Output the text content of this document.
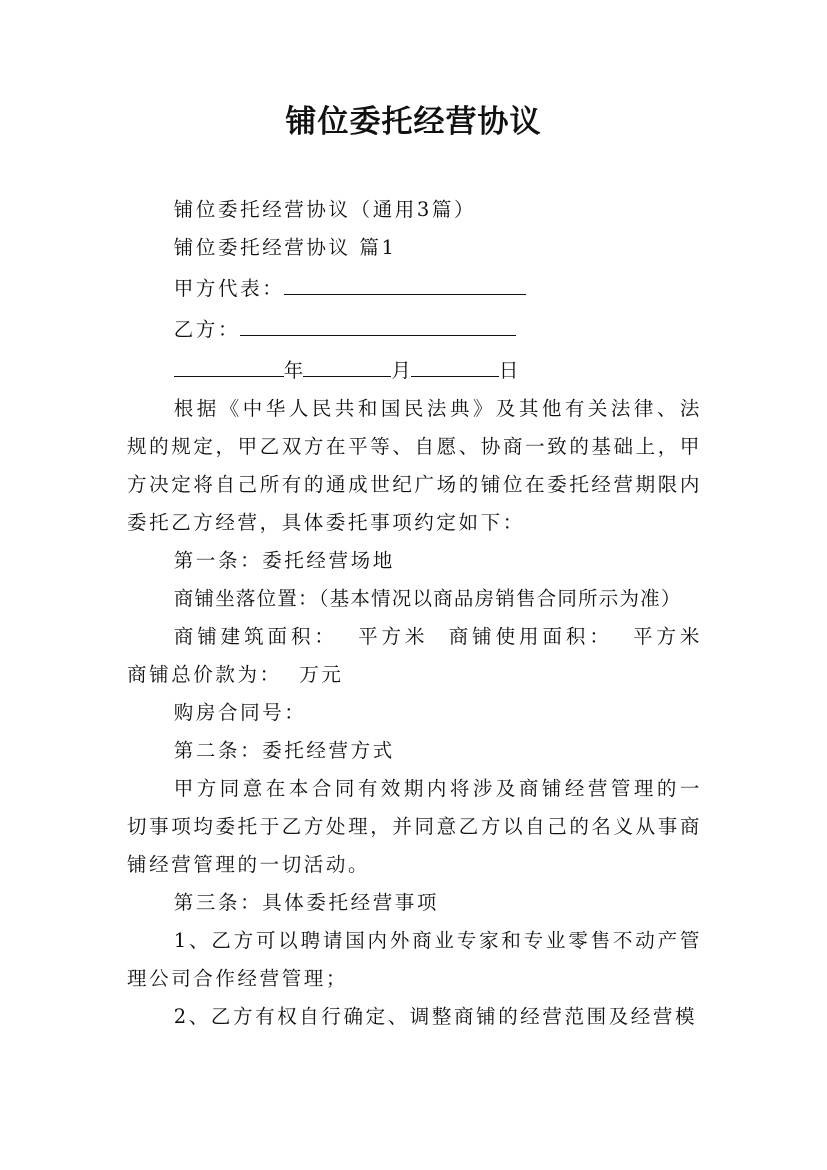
铺位委托经营协议

铺位委托经营协议（通用3篇）

铺位委托经营协议 篇1

甲方代表：

乙方：

年	月	日

根据《中华人民共和国民法典》及其他有关法律、法规的规定，甲乙双方在平等、自愿、协商一致的基础上，甲方决定将自己所有的通成世纪广场的铺位在委托经营期限内委托乙方经营，具体委托事项约定如下：

第一条：委托经营场地

商铺坐落位置：（基本情况以商品房销售合同所示为准）

商铺建筑面积：  平方米  商铺使用面积：  平方米  商铺总价款为：  万元

购房合同号：

第二条：委托经营方式

甲方同意在本合同有效期内将涉及商铺经营管理的一切事项均委托于乙方处理，并同意乙方以自己的名义从事商铺经营管理的一切活动。

第三条：具体委托经营事项

1、乙方可以聘请国内外商业专家和专业零售不动产管理公司合作经营管理；

2、乙方有权自行确定、调整商铺的经营范围及经营模
